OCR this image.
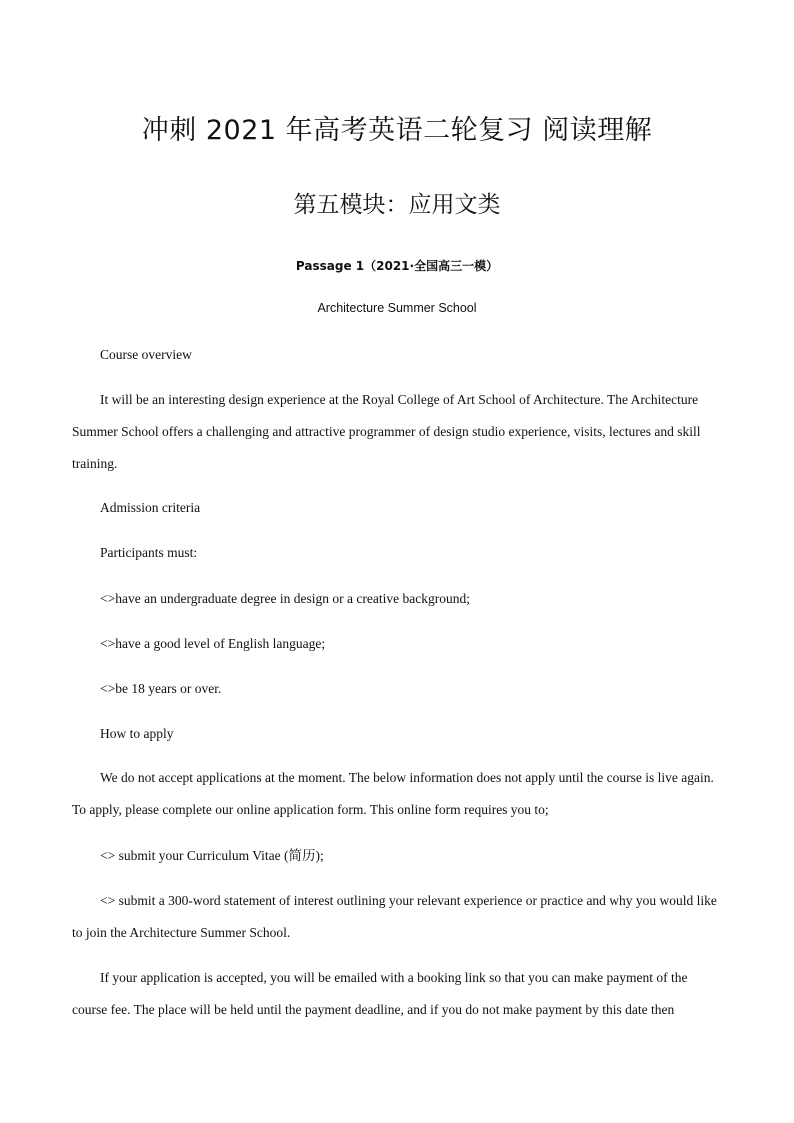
冲刺 2021 年高考英语二轮复习 阅读理解
第五模块：应用文类
Passage 1（2021·全国高三一模）
Architecture Summer School

Course overview

It will be an interesting design experience at the Royal College of Art School of Architecture. The Architecture Summer School offers a challenging and attractive programmer of design studio experience, visits, lectures and skill training.

Admission criteria

Participants must:

<>have an undergraduate degree in design or a creative background;

<>have a good level of English language;

<>be 18 years or over.

How to apply

We do not accept applications at the moment. The below information does not apply until the course is live again. To apply, please complete our online application form. This online form requires you to;

<> submit your Curriculum Vitae (简历);

<> submit a 300-word statement of interest outlining your relevant experience or practice and why you would like to join the Architecture Summer School.

If your application is accepted, you will be emailed with a booking link so that you can make payment of the course fee. The place will be held until the payment deadline, and if you do not make payment by this date then
